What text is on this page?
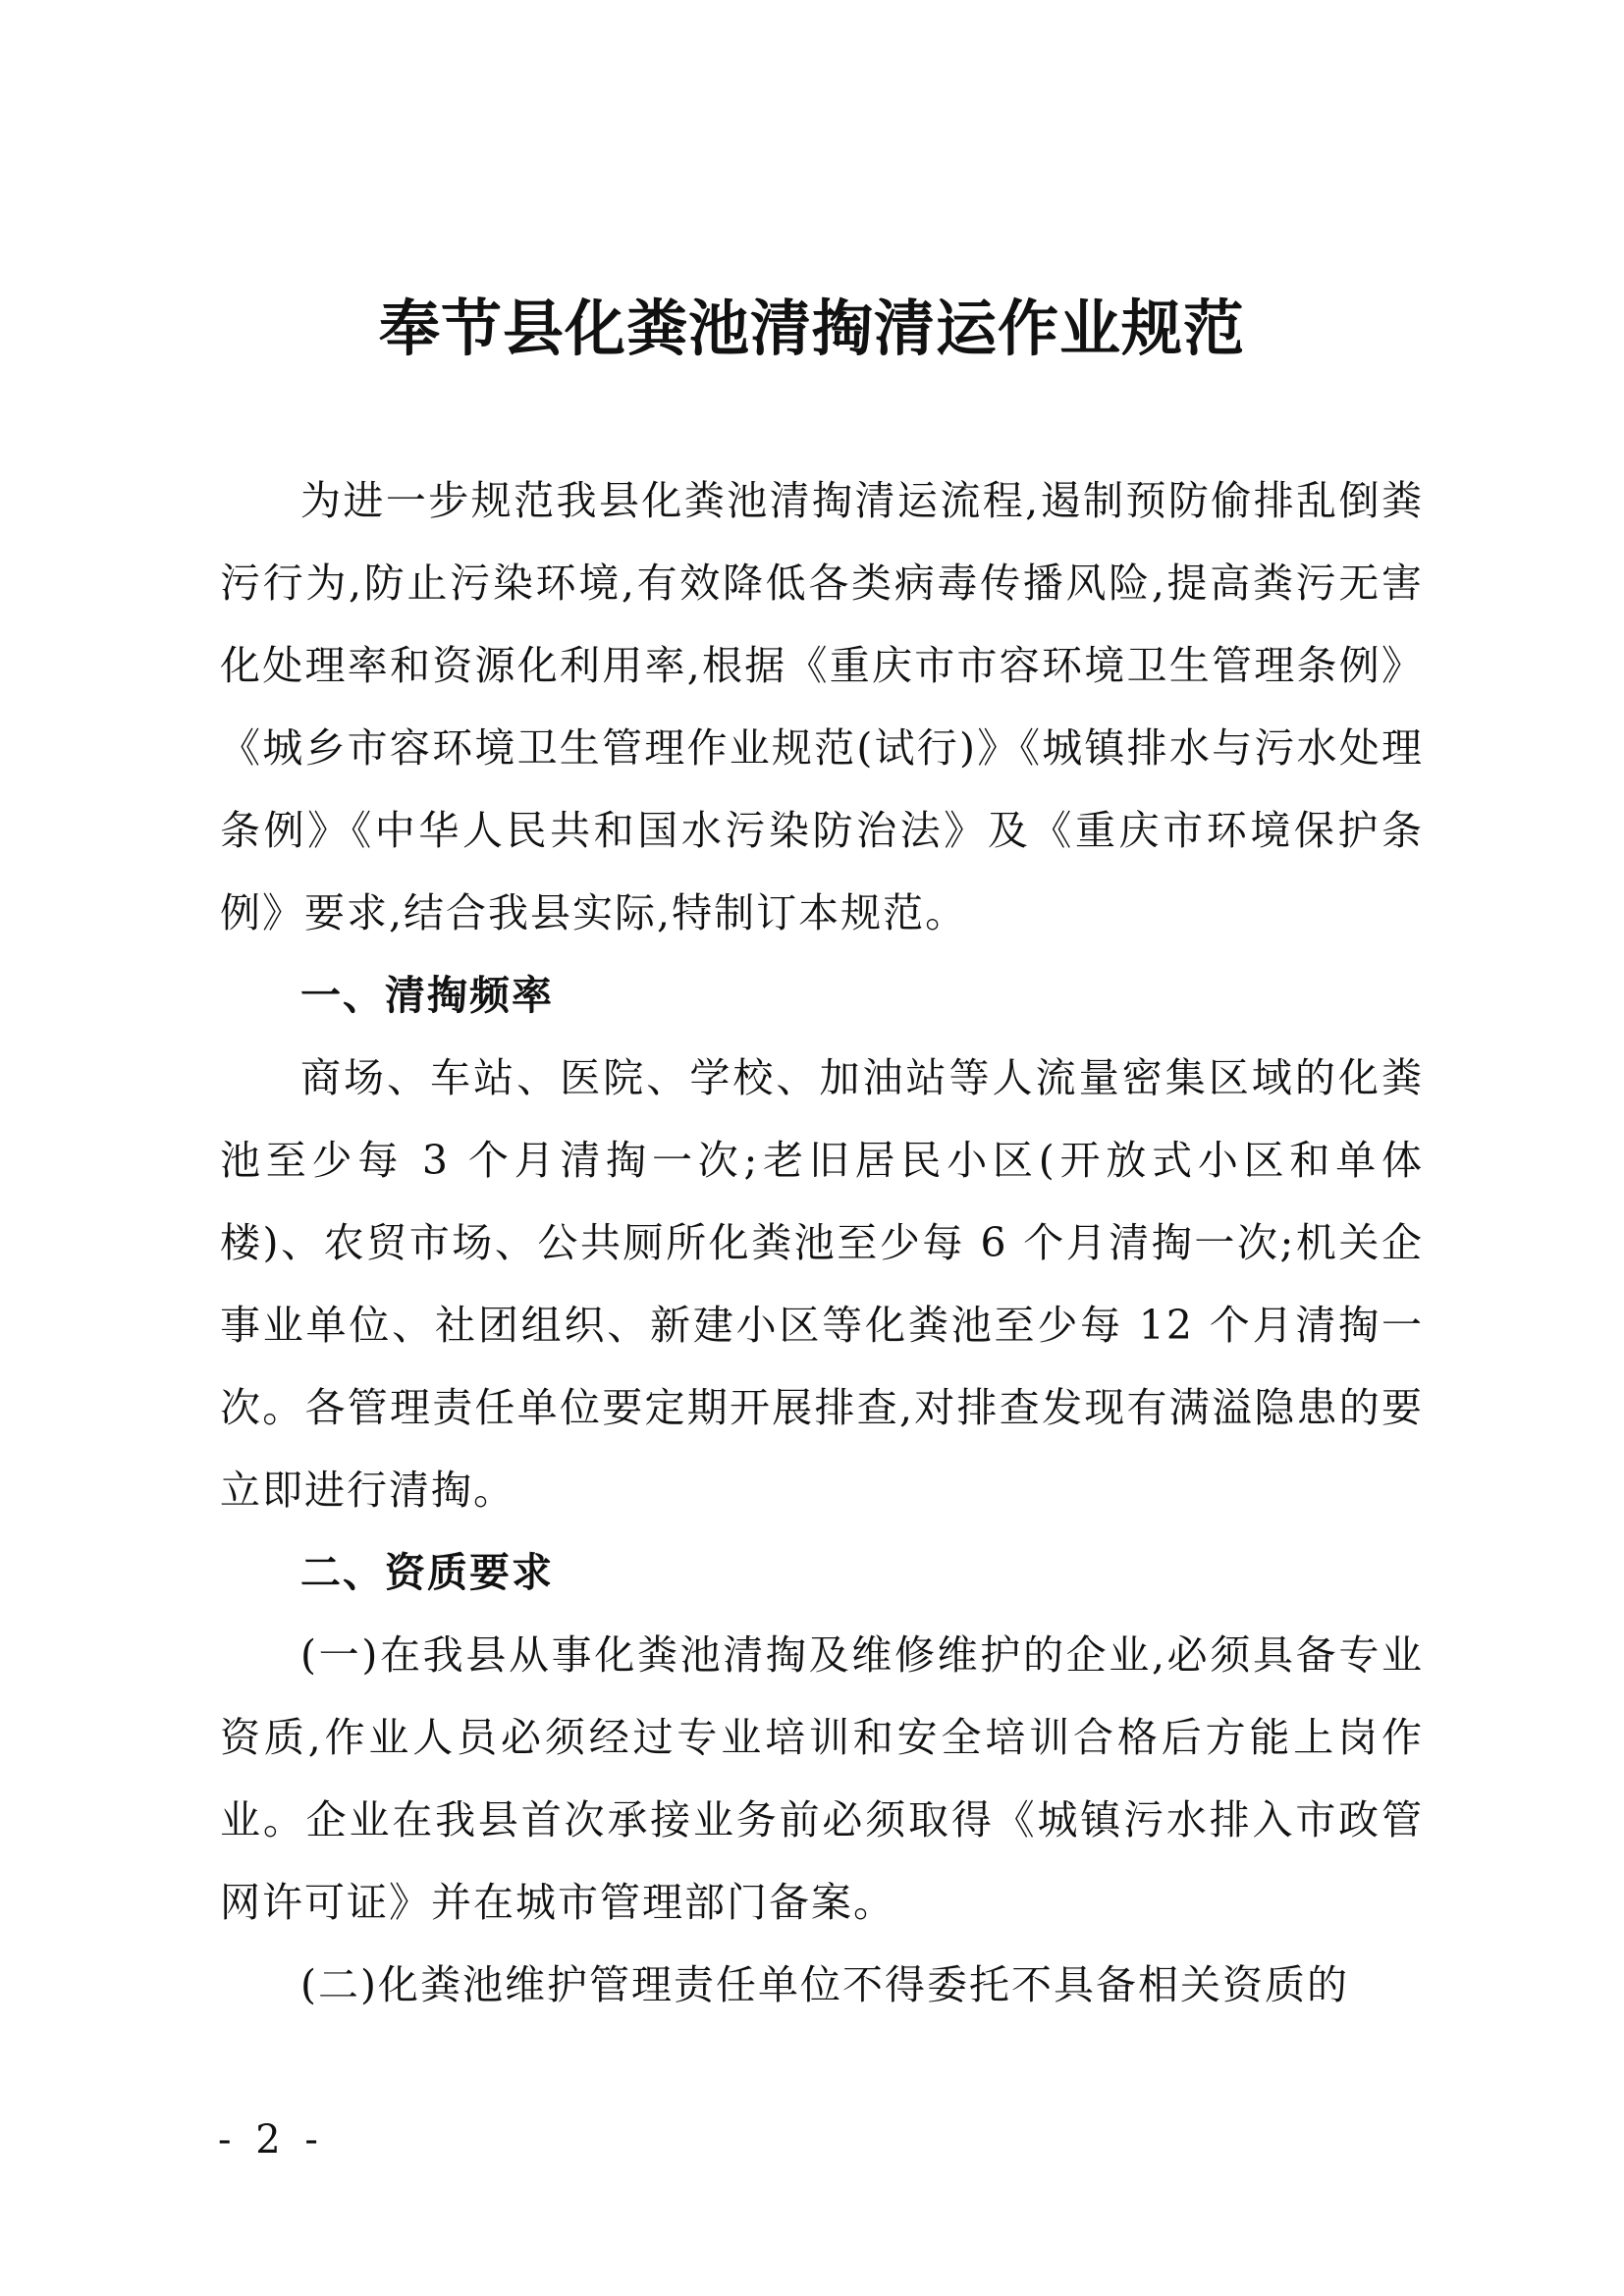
奉节县化粪池清掏清运作业规范

为进一步规范我县化粪池清掏清运流程,遏制预防偷排乱倒粪污行为,防止污染环境,有效降低各类病毒传播风险,提高粪污无害化处理率和资源化利用率,根据《重庆市市容环境卫生管理条例》《城乡市容环境卫生管理作业规范(试行)》《城镇排水与污水处理条例》《中华人民共和国水污染防治法》及《重庆市环境保护条例》要求,结合我县实际,特制订本规范。

一、清掏频率

商场、车站、医院、学校、加油站等人流量密集区域的化粪池至少每 3 个月清掏一次;老旧居民小区(开放式小区和单体楼)、农贸市场、公共厕所化粪池至少每 6 个月清掏一次;机关企事业单位、社团组织、新建小区等化粪池至少每 12 个月清掏一次。各管理责任单位要定期开展排查,对排查发现有满溢隐患的要立即进行清掏。

二、资质要求

(一)在我县从事化粪池清掏及维修维护的企业,必须具备专业资质,作业人员必须经过专业培训和安全培训合格后方能上岗作业。企业在我县首次承接业务前必须取得《城镇污水排入市政管网许可证》并在城市管理部门备案。

(二)化粪池维护管理责任单位不得委托不具备相关资质的

- 2 -
